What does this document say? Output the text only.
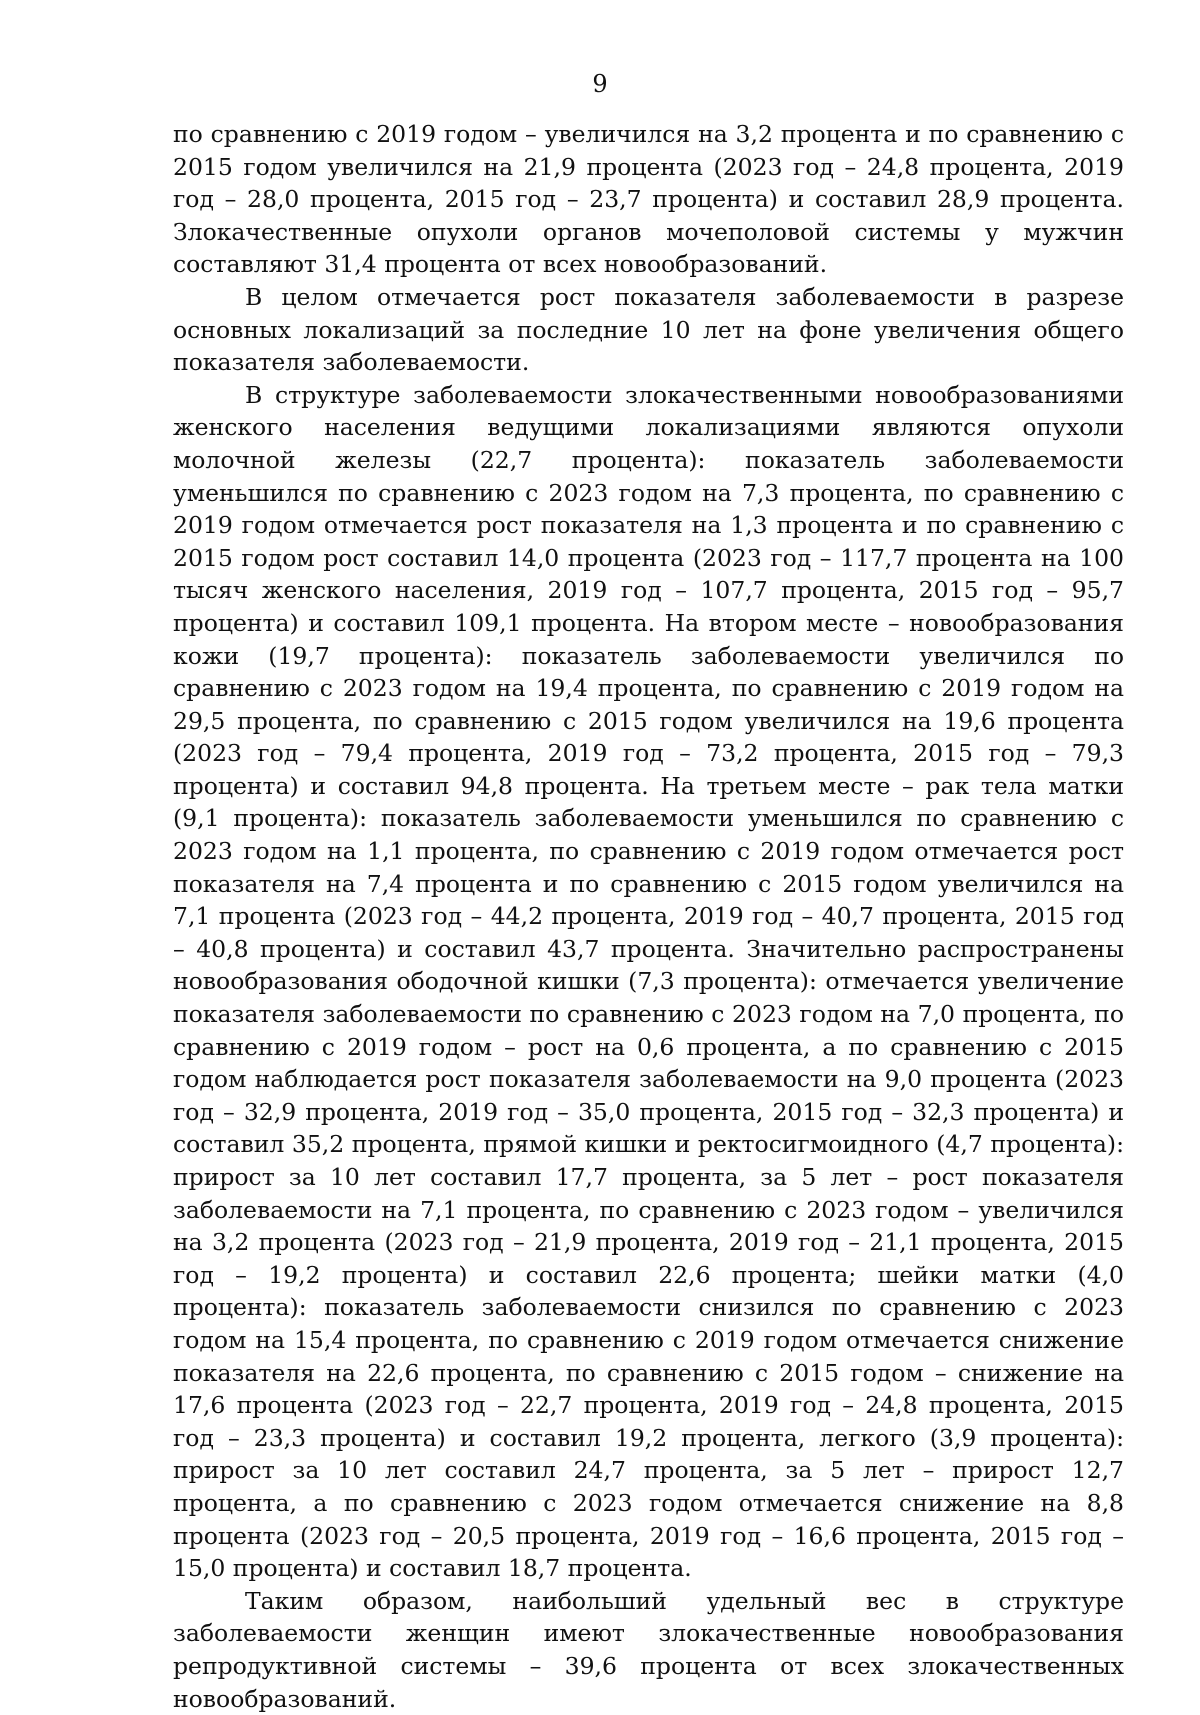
9

по сравнению с 2019 годом – увеличился на 3,2 процента и по сравнению с 2015 годом увеличился на 21,9 процента (2023 год – 24,8 процента, 2019 год – 28,0 процента, 2015 год – 23,7 процента) и составил 28,9 процента. Злокачественные опухоли органов мочеполовой системы у мужчин составляют 31,4 процента от всех новообразований.

В целом отмечается рост показателя заболеваемости в разрезе основных локализаций за последние 10 лет на фоне увеличения общего показателя заболеваемости.

В структуре заболеваемости злокачественными новообразованиями женского населения ведущими локализациями являются опухоли молочной железы (22,7 процента): показатель заболеваемости уменьшился по сравнению с 2023 годом на 7,3 процента, по сравнению с 2019 годом отмечается рост показателя на 1,3 процента и по сравнению с 2015 годом рост составил 14,0 процента (2023 год – 117,7 процента на 100 тысяч женского населения, 2019 год – 107,7 процента, 2015 год – 95,7 процента) и составил 109,1 процента. На втором месте – новообразования кожи (19,7 процента): показатель заболеваемости увеличился по сравнению с 2023 годом на 19,4 процента, по сравнению с 2019 годом на 29,5 процента, по сравнению с 2015 годом увеличился на 19,6 процента (2023 год – 79,4 процента, 2019 год – 73,2 процента, 2015 год – 79,3 процента) и составил 94,8 процента. На третьем месте – рак тела матки (9,1 процента): показатель заболеваемости уменьшился по сравнению с 2023 годом на 1,1 процента, по сравнению с 2019 годом отмечается рост показателя на 7,4 процента и по сравнению с 2015 годом увеличился на 7,1 процента (2023 год – 44,2 процента, 2019 год – 40,7 процента, 2015 год – 40,8 процента) и составил 43,7 процента. Значительно распространены новообразования ободочной кишки (7,3 процента): отмечается увеличение показателя заболеваемости по сравнению с 2023 годом на 7,0 процента, по сравнению с 2019 годом – рост на 0,6 процента, а по сравнению с 2015 годом наблюдается рост показателя заболеваемости на 9,0 процента (2023 год – 32,9 процента, 2019 год – 35,0 процента, 2015 год – 32,3 процента) и составил 35,2 процента, прямой кишки и ректосигмоидного (4,7 процента): прирост за 10 лет составил 17,7 процента, за 5 лет – рост показателя заболеваемости на 7,1 процента, по сравнению с 2023 годом – увеличился на 3,2 процента (2023 год – 21,9 процента, 2019 год – 21,1 процента, 2015 год – 19,2 процента) и составил 22,6 процента; шейки матки (4,0 процента): показатель заболеваемости снизился по сравнению с 2023 годом на 15,4 процента, по сравнению с 2019 годом отмечается снижение показателя на 22,6 процента, по сравнению с 2015 годом – снижение на 17,6 процента (2023 год – 22,7 процента, 2019 год – 24,8 процента, 2015 год – 23,3 процента) и составил 19,2 процента, легкого (3,9 процента): прирост за 10 лет составил 24,7 процента, за 5 лет – прирост 12,7 процента, а по сравнению с 2023 годом отмечается снижение на 8,8 процента (2023 год – 20,5 процента, 2019 год – 16,6 процента, 2015 год – 15,0 процента) и составил 18,7 процента.

Таким образом, наибольший удельный вес в структуре заболеваемости женщин имеют злокачественные новообразования репродуктивной системы – 39,6 процента от всех злокачественных новообразований.
